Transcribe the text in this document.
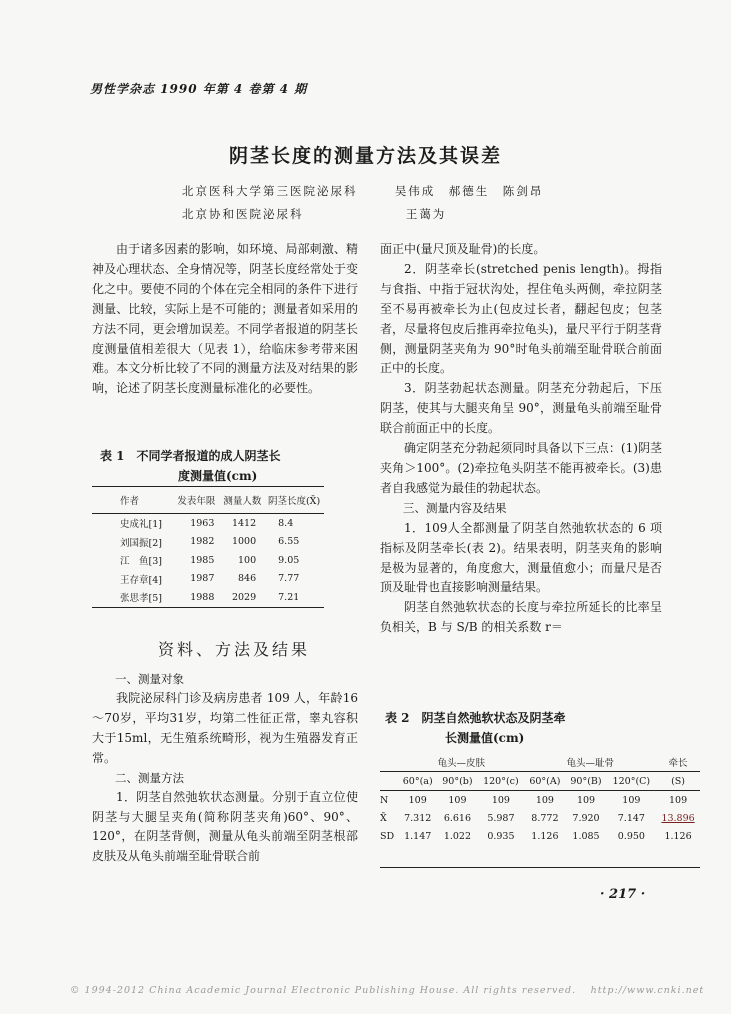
男性学杂志 1990 年第 4 卷第 4 期
阴茎长度的测量方法及其误差
北京医科大学第三医院泌尿科	吴伟成　郝德生　陈剑昂
北京协和医院泌尿科	王蔼为

由于诸多因素的影响，如环境、局部刺激、精神及心理状态、全身情况等，阴茎长度经常处于变化之中。要使不同的个体在完全相同的条件下进行测量、比较，实际上是不可能的；测量者如采用的方法不同，更会增加误差。不同学者报道的阴茎长度测量值相差很大（见表 1），给临床参考带来困难。本文分析比较了不同的测量方法及对结果的影响，论述了阴茎长度测量标准化的必要性。

表 1　不同学者报道的成人阴茎长
度测量值(cm)
作者	发表年限	测量人数	阴茎长度(X̄)
史成礼[1]	1963	1412	8.4
刘国振[2]	1982	1000	6.55
江　鱼[3]	1985	100	9.05
王存章[4]	1987	846	7.77
张思孝[5]	1988	2029	7.21
资料、方法及结果
一、测量对象

我院泌尿科门诊及病房患者 109 人，年龄16～70岁，平均31岁，均第二性征正常，睾丸容积大于15ml，无生殖系统畸形，视为生殖器发育正常。

二、测量方法

1．阴茎自然弛软状态测量。分别于直立位使阴茎与大腿呈夹角(简称阴茎夹角)60°、90°、120°，在阴茎背侧，测量从龟头前端至阴茎根部皮肤及从龟头前端至耻骨联合前

面正中(量尺顶及耻骨)的长度。

2．阴茎牵长(stretched penis length)。拇指与食指、中指于冠状沟处，捏住龟头两侧，牵拉阴茎至不易再被牵长为止(包皮过长者，翻起包皮；包茎者，尽量将包皮后推再牵拉龟头)，量尺平行于阴茎背侧，测量阴茎夹角为 90°时龟头前端至耻骨联合前面正中的长度。

3．阴茎勃起状态测量。阴茎充分勃起后，下压阴茎，使其与大腿夹角呈 90°，测量龟头前端至耻骨联合前面正中的长度。

确定阴茎充分勃起须同时具备以下三点：(1)阴茎夹角＞100°。(2)牵拉龟头阴茎不能再被牵长。(3)患者自我感觉为最佳的勃起状态。

三、测量内容及结果

1．109人全都测量了阴茎自然弛软状态的 6 项指标及阴茎牵长(表 2)。结果表明，阴茎夹角的影响是极为显著的，角度愈大，测量值愈小；而量尺是否顶及耻骨也直接影响测量结果。

阴茎自然弛软状态的长度与牵拉所延长的比率呈负相关，B 与 S/B 的相关系数 r＝

表 2　阴茎自然弛软状态及阴茎牵
长测量值(cm)
	龟头—皮肤			龟头—耻骨			牵长
	60°(a)	90°(b)	120°(c)	60°(A)	90°(B)	120°(C)	(S)
N	109	109	109	109	109	109	109
X̄	7.312	6.616	5.987	8.772	7.920	7.147	13.896
SD	1.147	1.022	0.935	1.126	1.085	0.950	1.126
· 217 ·
© 1994-2012 China Academic Journal Electronic Publishing House. All rights reserved.　 http://www.cnki.net
